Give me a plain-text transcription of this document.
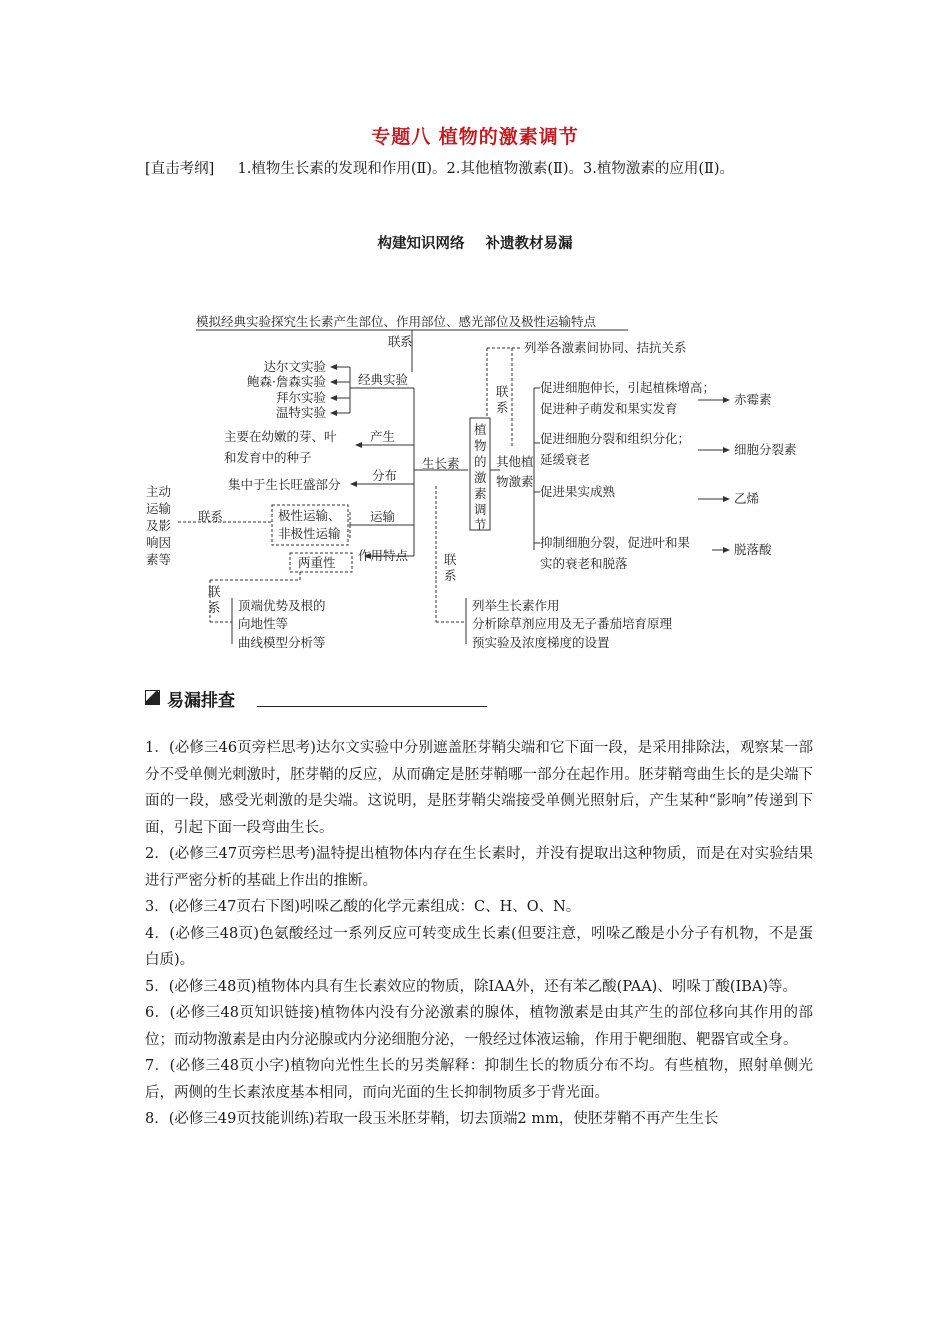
专题八 植物的激素调节
[直击考纲] 1.植物生长素的发现和作用(Ⅱ)。2.其他植物激素(Ⅱ)。3.植物激素的应用(Ⅱ)。
构建知识网络 补遗教材易漏
模拟经典实验探究生长素产生部位、作用部位、感光部位及极性运输特点
联 系
达尔文实验
鲍森·詹森实验
拜尔实验
温特实验
经典实验
产生
主要在幼嫩的芽、叶
和发育中的种子
分布
集中于生长旺盛部分
生长素
运输
极性运输、
非极性运输
联系
主动
运输
及影
响因
素等	作用特点
两重性
联
系 顶端优势及根的
向地性等
曲线模型分析等
植
物
的
激
素
调
节
其他植
物激素
联
系
列举各激素间协同、拮抗关系
促进细胞伸长，引起植株增高；
促进种子萌发和果实发育
赤霉素
促进细胞分裂和组织分化；
延缓衰老
细胞分裂素
促进果实成熟	乙烯
抑制细胞分裂，促进叶和果
实的衰老和脱落
脱落酸
联
系
列举生长素作用
分析除草剂应用及无子番茄培育原理
预实验及浓度梯度的设置
易漏排查

1．(必修三46页旁栏思考)达尔文实验中分别遮盖胚芽鞘尖端和它下面一段，是采用排除法，观察某一部分不受单侧光刺激时，胚芽鞘的反应，从而确定是胚芽鞘哪一部分在起作用。胚芽鞘弯曲生长的是尖端下面的一段，感受光刺激的是尖端。这说明，是胚芽鞘尖端接受单侧光照射后，产生某种“影响”传递到下面，引起下面一段弯曲生长。

2．(必修三47页旁栏思考)温特提出植物体内存在生长素时，并没有提取出这种物质，而是在对实验结果进行严密分析的基础上作出的推断。

3．(必修三47页右下图)吲哚乙酸的化学元素组成：C、H、O、N。

4．(必修三48页)色氨酸经过一系列反应可转变成生长素(但要注意，吲哚乙酸是小分子有机物，不是蛋白质)。

5．(必修三48页)植物体内具有生长素效应的物质，除IAA外，还有苯乙酸(PAA)、吲哚丁酸(IBA)等。

6．(必修三48页知识链接)植物体内没有分泌激素的腺体，植物激素是由其产生的部位移向其作用的部位；而动物激素是由内分泌腺或内分泌细胞分泌，一般经过体液运输，作用于靶细胞、靶器官或全身。

7．(必修三48页小字)植物向光性生长的另类解释：抑制生长的物质分布不均。有些植物，照射单侧光后，两侧的生长素浓度基本相同，而向光面的生长抑制物质多于背光面。

8．(必修三49页技能训练)若取一段玉米胚芽鞘，切去顶端2 mm，使胚芽鞘不再产生生长
